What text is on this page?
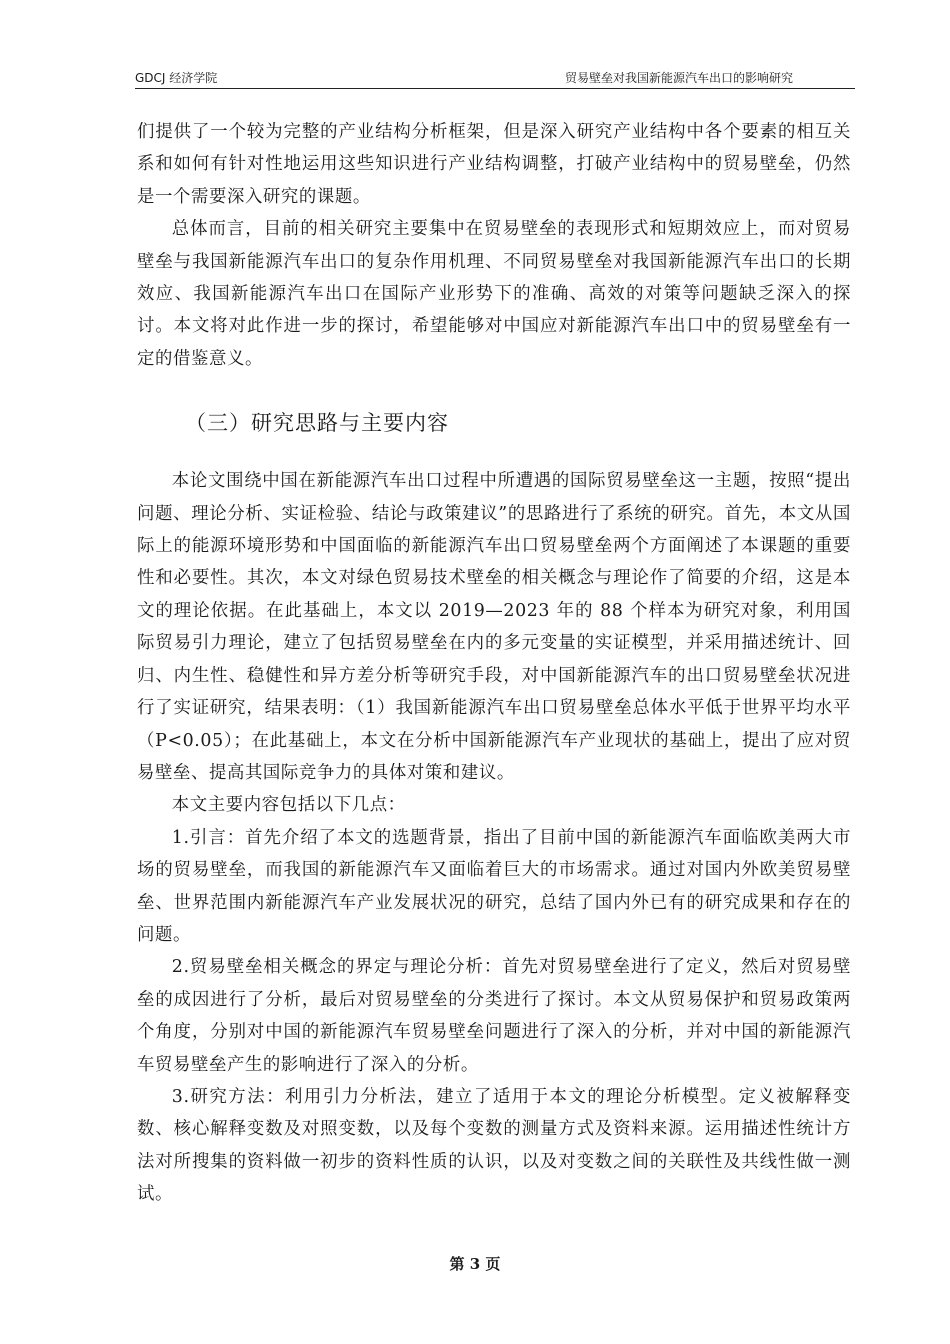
GDCJ 经济学院	贸易壁垒对我国新能源汽车出口的影响研究

们提供了一个较为完整的产业结构分析框架，但是深入研究产业结构中各个要素的相互关系和如何有针对性地运用这些知识进行产业结构调整，打破产业结构中的贸易壁垒，仍然是一个需要深入研究的课题。

总体而言，目前的相关研究主要集中在贸易壁垒的表现形式和短期效应上，而对贸易壁垒与我国新能源汽车出口的复杂作用机理、不同贸易壁垒对我国新能源汽车出口的长期效应、我国新能源汽车出口在国际产业形势下的准确、高效的对策等问题缺乏深入的探讨。本文将对此作进一步的探讨，希望能够对中国应对新能源汽车出口中的贸易壁垒有一定的借鉴意义。

（三）研究思路与主要内容

本论文围绕中国在新能源汽车出口过程中所遭遇的国际贸易壁垒这一主题，按照“提出问题、理论分析、实证检验、结论与政策建议”的思路进行了系统的研究。首先，本文从国际上的能源环境形势和中国面临的新能源汽车出口贸易壁垒两个方面阐述了本课题的重要性和必要性。其次，本文对绿色贸易技术壁垒的相关概念与理论作了简要的介绍，这是本文的理论依据。在此基础上，本文以 2019—2023 年的 88 个样本为研究对象，利用国际贸易引力理论，建立了包括贸易壁垒在内的多元变量的实证模型，并采用描述统计、回归、内生性、稳健性和异方差分析等研究手段，对中国新能源汽车的出口贸易壁垒状况进行了实证研究，结果表明：（1）我国新能源汽车出口贸易壁垒总体水平低于世界平均水平（P<0.05）；在此基础上，本文在分析中国新能源汽车产业现状的基础上，提出了应对贸易壁垒、提高其国际竞争力的具体对策和建议。

本文主要内容包括以下几点：

1.引言：首先介绍了本文的选题背景，指出了目前中国的新能源汽车面临欧美两大市场的贸易壁垒，而我国的新能源汽车又面临着巨大的市场需求。通过对国内外欧美贸易壁垒、世界范围内新能源汽车产业发展状况的研究，总结了国内外已有的研究成果和存在的问题。

2.贸易壁垒相关概念的界定与理论分析：首先对贸易壁垒进行了定义，然后对贸易壁垒的成因进行了分析，最后对贸易壁垒的分类进行了探讨。本文从贸易保护和贸易政策两个角度，分别对中国的新能源汽车贸易壁垒问题进行了深入的分析，并对中国的新能源汽车贸易壁垒产生的影响进行了深入的分析。

3.研究方法：利用引力分析法，建立了适用于本文的理论分析模型。定义被解释变数、核心解释变数及对照变数，以及每个变数的测量方式及资料来源。运用描述性统计方法对所搜集的资料做一初步的资料性质的认识，以及对变数之间的关联性及共线性做一测试。

第 3 页
